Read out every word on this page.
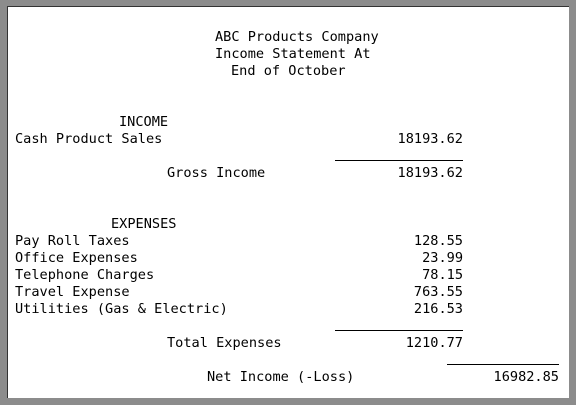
ABC Products Company
Income Statement At
End of October
INCOME
Cash Product Sales	18193.62
Gross Income	18193.62
EXPENSES
Pay Roll Taxes	128.55
Office Expenses	23.99
Telephone Charges	78.15
Travel Expense	763.55
Utilities (Gas & Electric)	216.53
Total Expenses	1210.77
Net Income (-Loss)	16982.85
